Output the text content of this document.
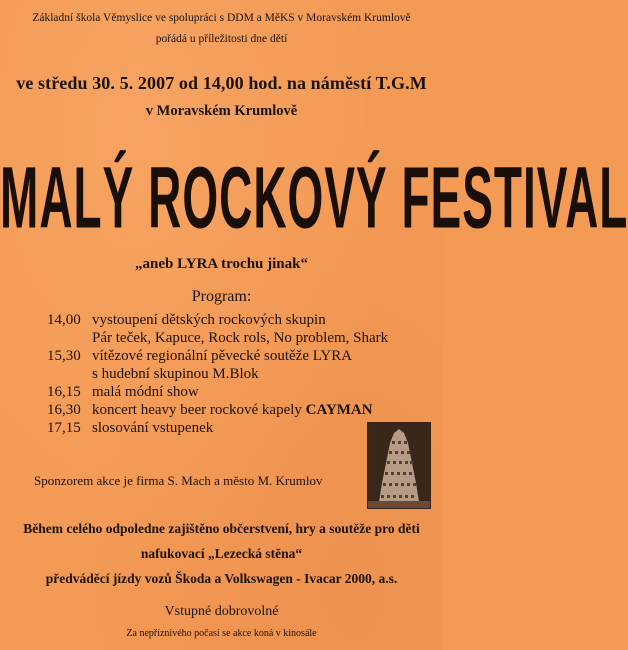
Základní škola Věmyslice ve spolupráci s DDM a MěKS v Moravském Krumlově
pořádá u příležitosti dne dětí
ve středu 30. 5. 2007 od 14,00 hod. na náměstí T.G.M
v Moravském Krumlově
MALÝ ROCKOVÝ FESTIVAL
„aneb LYRA trochu jinak“
Program:
14,00 vystoupení dětských rockových skupin
Pár teček, Kapuce, Rock rols, No problem, Shark
15,30 vítězové regionální pěvecké soutěže LYRA
s hudební skupinou M.Blok
16,15 malá módní show
16,30 koncert heavy beer rockové kapely CAYMAN
17,15 slosování vstupenek
Sponzorem akce je firma S. Mach a město M. Krumlov
Během celého odpoledne zajištěno občerstvení, hry a soutěže pro děti
nafukovací „Lezecká stěna“
předváděcí jízdy vozů Škoda a Volkswagen - Ivacar 2000, a.s.
Vstupné dobrovolné
Za nepříznivého počasí se akce koná v kinosále
